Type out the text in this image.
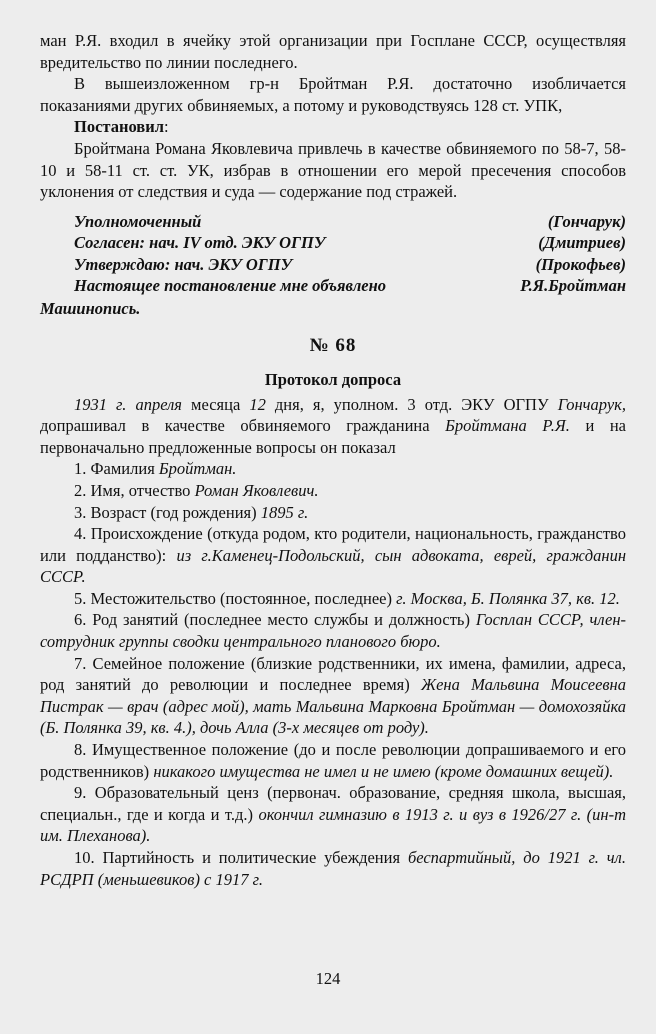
ман Р.Я. входил в ячейку этой организации при Госплане СССР, осуществляя вредительство по линии последнего.

В вышеизложенном гр-н Бройтман Р.Я. достаточно изобличается показаниями других обвиняемых, а потому и руководствуясь 128 ст. УПК,

Постановил:

Бройтмана Романа Яковлевича привлечь в качестве обвиняемого по 58-7, 58-10 и 58-11 ст. ст. УК, избрав в отношении его мерой пресечения способов уклонения от следствия и суда — содержание под стражей.

Уполномоченный	(Гончарук)
Согласен: нач. IV отд. ЭКУ ОГПУ	(Дмитриев)
Утверждаю: нач. ЭКУ ОГПУ	(Прокофьев)
Настоящее постановление мне объявлено	Р.Я.Бройтман
Машинопись.
№ 68
Протокол допроса

1931 г. апреля месяца 12 дня, я, уполном. 3 отд. ЭКУ ОГПУ Гончарук, допрашивал в качестве обвиняемого гражданина Бройтмана Р.Я. и на первоначально предложенные вопросы он показал

1. Фамилия Бройтман.

2. Имя, отчество Роман Яковлевич.

3. Возраст (год рождения) 1895 г.

4. Происхождение (откуда родом, кто родители, национальность, гражданство или подданство): из г.Каменец-Подольский, сын адвоката, еврей, гражданин СССР.

5. Местожительство (постоянное, последнее) г. Москва, Б. Полянка 37, кв. 12.

6. Род занятий (последнее место службы и должность) Госплан СССР, член-сотрудник группы сводки центрального планового бюро.

7. Семейное положение (близкие родственники, их имена, фамилии, адреса, род занятий до революции и последнее время) Жена Мальвина Моисеевна Пистрак — врач (адрес мой), мать Мальвина Марковна Бройтман — домохозяйка (Б. Полянка 39, кв. 4.), дочь Алла (3-х месяцев от роду).

8. Имущественное положение (до и после революции допрашиваемого и его родственников) никакого имущества не имел и не имею (кроме домашних вещей).

9. Образовательный ценз (первонач. образование, средняя школа, высшая, специальн., где и когда и т.д.) окончил гимназию в 1913 г. и вуз в 1926/27 г. (ин-т им. Плеханова).

10. Партийность и политические убеждения беспартийный, до 1921 г. чл. РСДРП (меньшевиков) с 1917 г.

124
